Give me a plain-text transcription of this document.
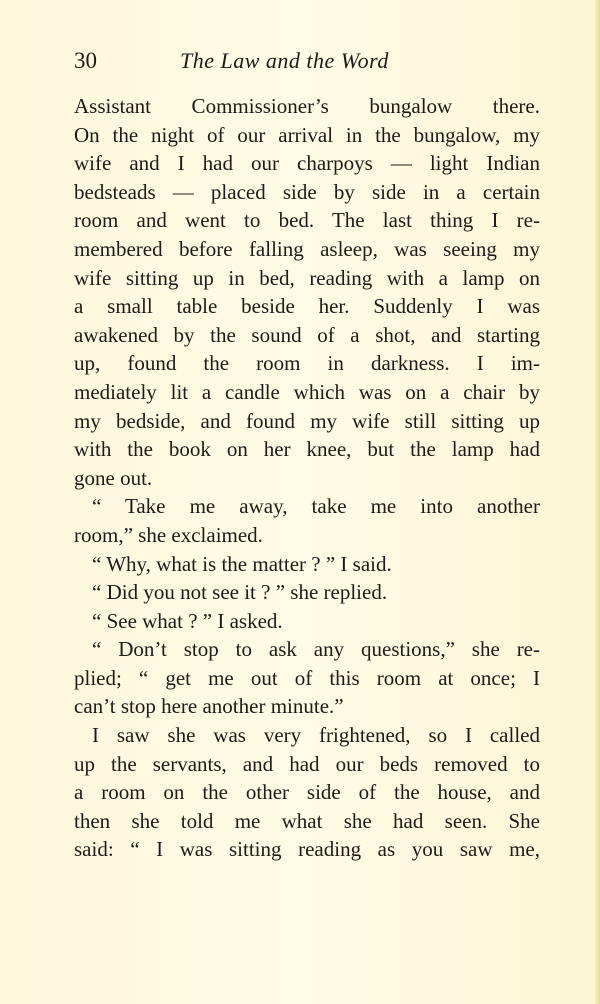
30	The Law and the Word
Assistant Commissioner’s bungalow there.
On the night of our arrival in the bungalow, my
wife and I had our charpoys — light Indian
bedsteads — placed side by side in a certain
room and went to bed. The last thing I re-
membered before falling asleep, was seeing my
wife sitting up in bed, reading with a lamp on
a small table beside her. Suddenly I was
awakened by the sound of a shot, and starting
up, found the room in darkness. I im-
mediately lit a candle which was on a chair by
my bedside, and found my wife still sitting up
with the book on her knee, but the lamp had
gone out.
“ Take me away, take me into another
room,” she exclaimed.
“ Why, what is the matter ? ” I said.
“ Did you not see it ? ” she replied.
“ See what ? ” I asked.
“ Don’t stop to ask any questions,” she re-
plied; “ get me out of this room at once; I
can’t stop here another minute.”
I saw she was very frightened, so I called
up the servants, and had our beds removed to
a room on the other side of the house, and
then she told me what she had seen. She
said: “ I was sitting reading as you saw me,
